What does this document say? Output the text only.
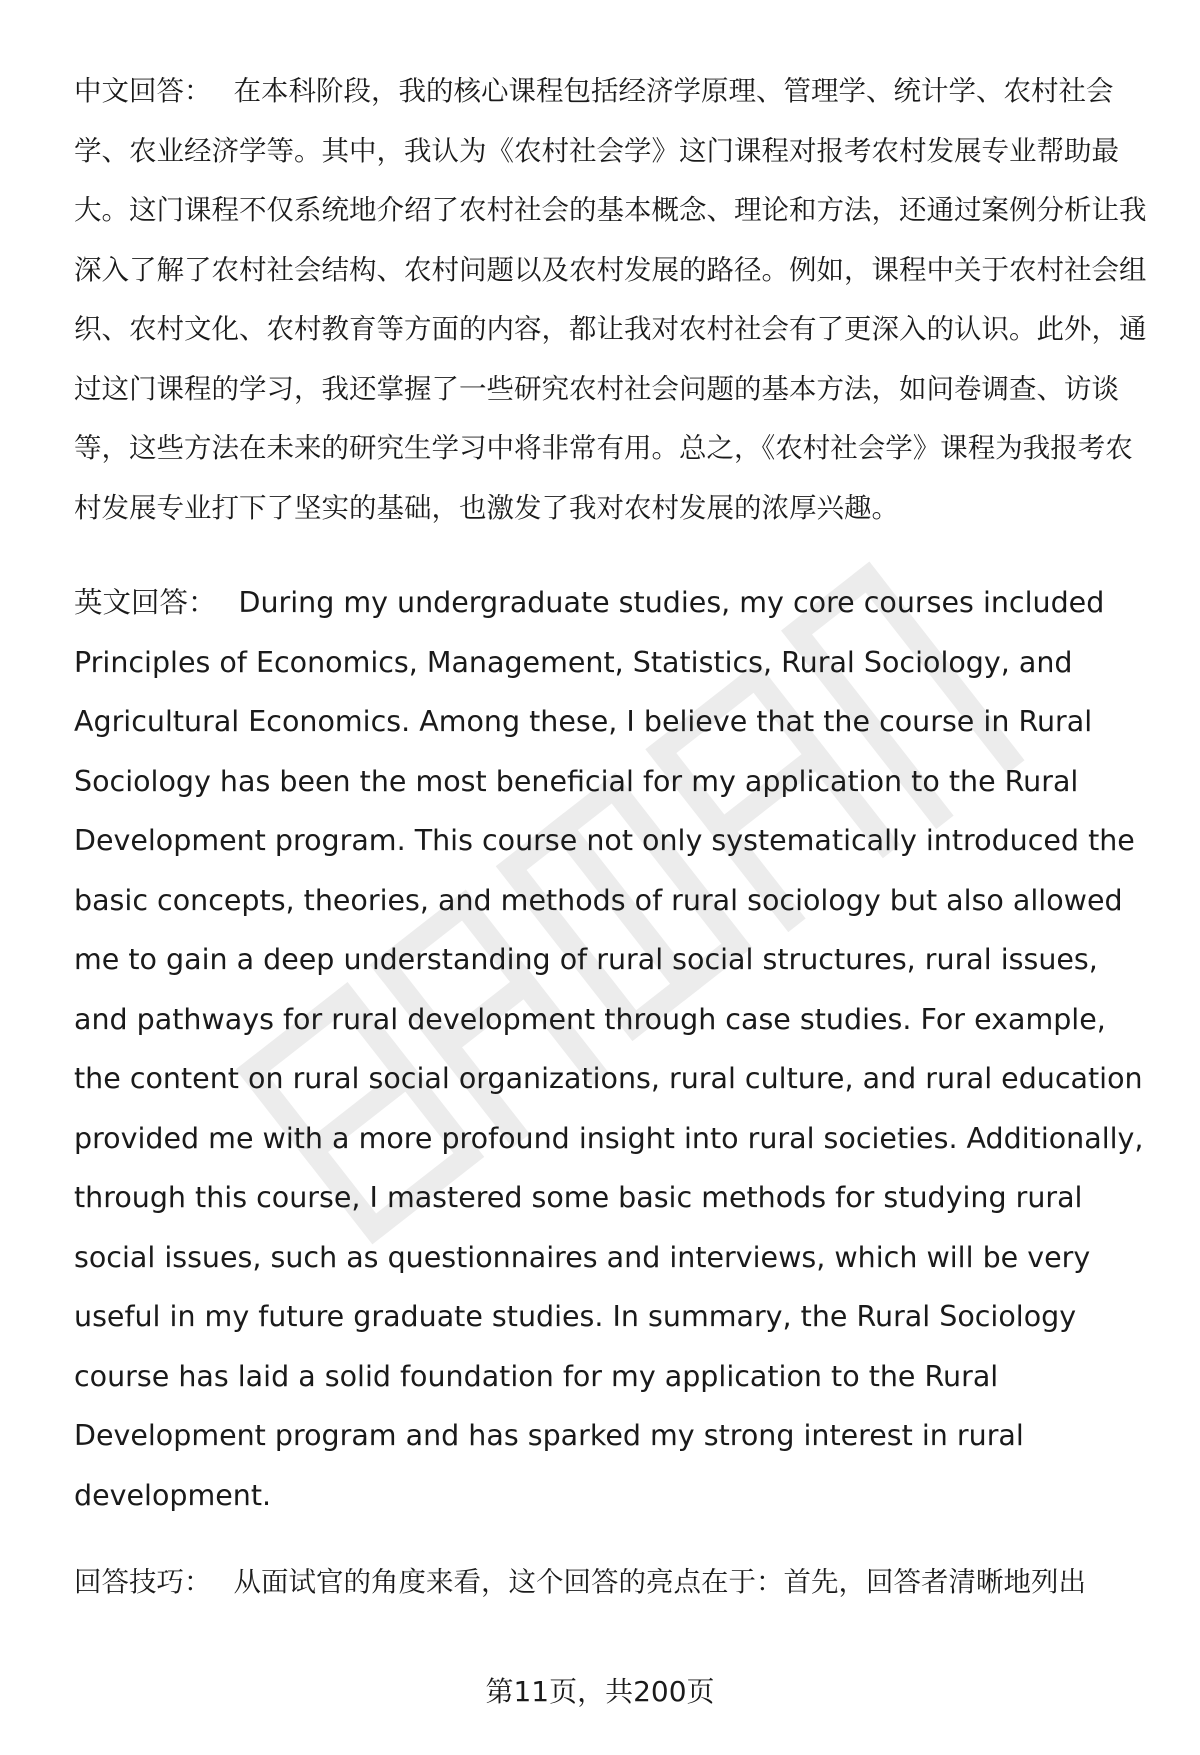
中文回答： 在本科阶段，我的核心课程包括经济学原理、管理学、统计学、农村社会学、农业经济学等。其中，我认为《农村社会学》这门课程对报考农村发展专业帮助最大。这门课程不仅系统地介绍了农村社会的基本概念、理论和方法，还通过案例分析让我深入了解了农村社会结构、农村问题以及农村发展的路径。例如，课程中关于农村社会组织、农村文化、农村教育等方面的内容，都让我对农村社会有了更深入的认识。此外，通过这门课程的学习，我还掌握了一些研究农村社会问题的基本方法，如问卷调查、访谈等，这些方法在未来的研究生学习中将非常有用。总之，《农村社会学》课程为我报考农村发展专业打下了坚实的基础，也激发了我对农村发展的浓厚兴趣。

英文回答： During my undergraduate studies, my core courses included Principles of Economics, Management, Statistics, Rural Sociology, and Agricultural Economics. Among these, I believe that the course in Rural Sociology has been the most beneficial for my application to the Rural Development program. This course not only systematically introduced the basic concepts, theories, and methods of rural sociology but also allowed me to gain a deep understanding of rural social structures, rural issues, and pathways for rural development through case studies. For example, the content on rural social organizations, rural culture, and rural education provided me with a more profound insight into rural societies. Additionally, through this course, I mastered some basic methods for studying rural social issues, such as questionnaires and interviews, which will be very useful in my future graduate studies. In summary, the Rural Sociology course has laid a solid foundation for my application to the Rural Development program and has sparked my strong interest in rural development.

回答技巧： 从面试官的角度来看，这个回答的亮点在于：首先，回答者清晰地列出

第11页，共200页
